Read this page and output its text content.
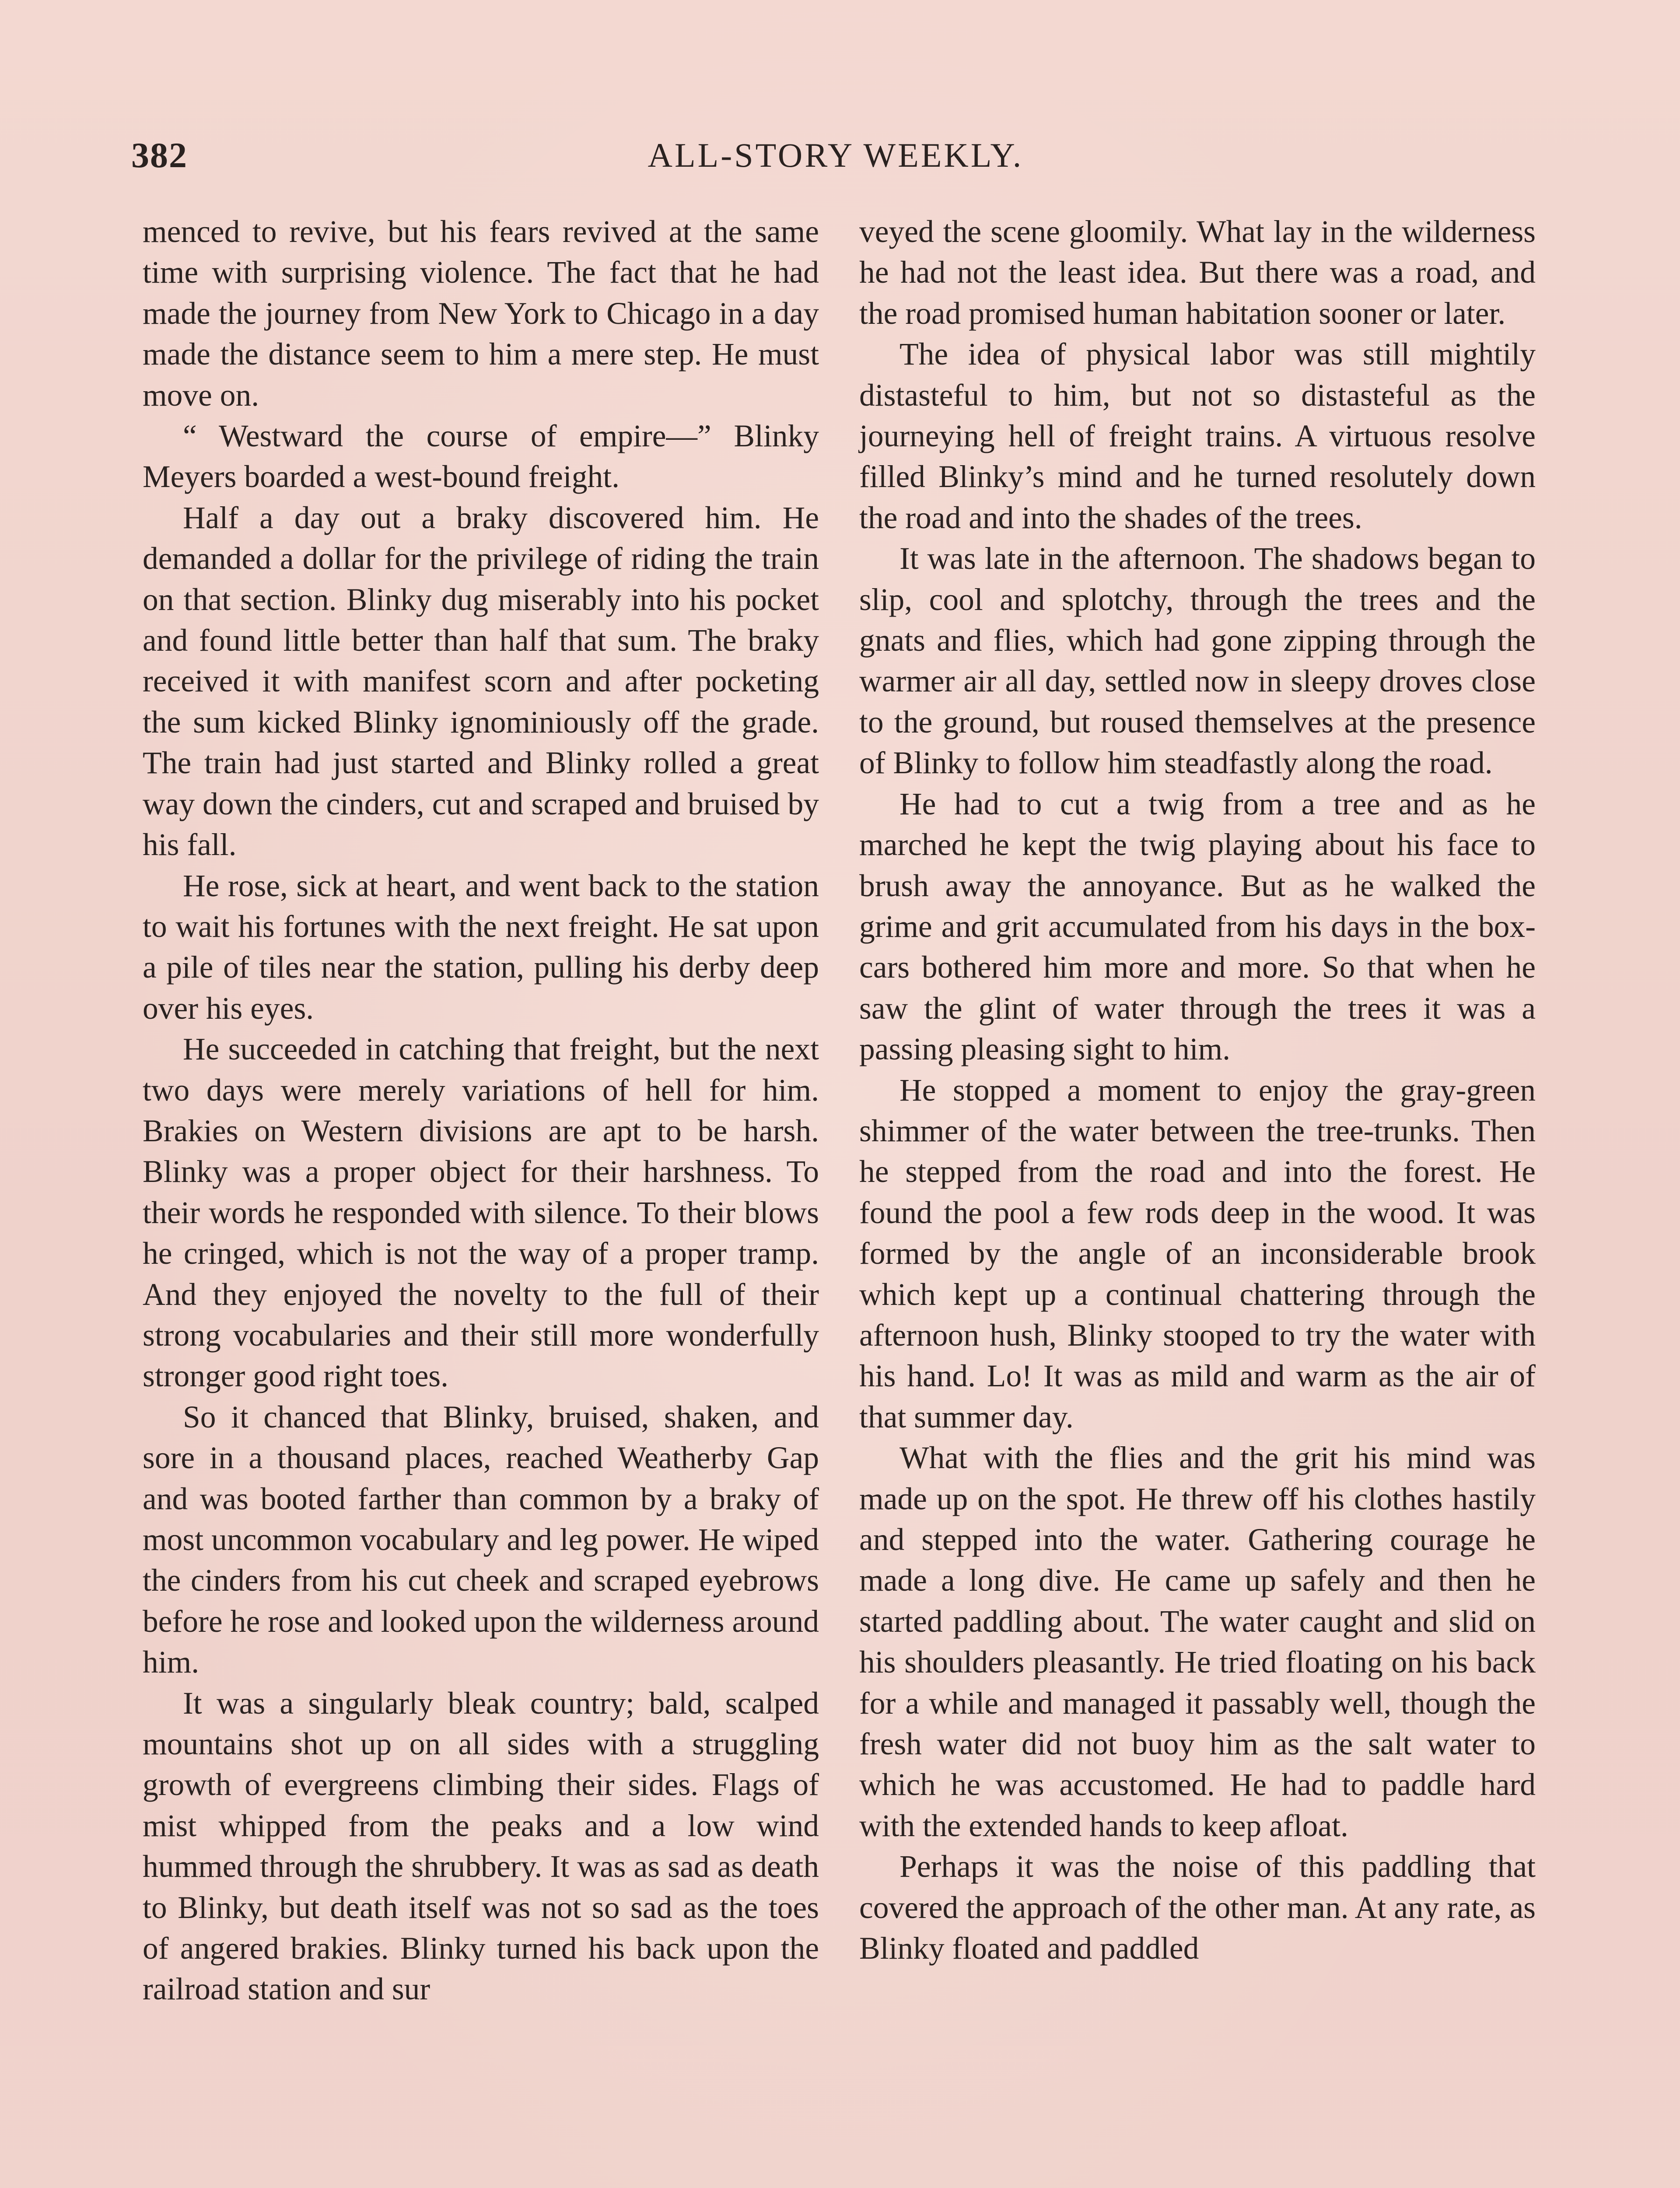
382	ALL-STORY WEEKLY.

menced to revive, but his fears revived at the same time with surprising violence. The fact that he had made the journey from New York to Chicago in a day made the distance seem to him a mere step. He must move on.

“ Westward the course of empire—” Blinky Meyers boarded a west-bound freight.

Half a day out a braky discovered him. He demanded a dollar for the privilege of riding the train on that section. Blinky dug miserably into his pocket and found little better than half that sum. The braky received it with manifest scorn and after pocketing the sum kicked Blinky ignominiously off the grade. The train had just started and Blinky rolled a great way down the cinders, cut and scraped and bruised by his fall.

He rose, sick at heart, and went back to the station to wait his fortunes with the next freight. He sat upon a pile of tiles near the station, pulling his derby deep over his eyes.

He succeeded in catching that freight, but the next two days were merely variations of hell for him. Brakies on Western divisions are apt to be harsh. Blinky was a proper object for their harshness. To their words he responded with silence. To their blows he cringed, which is not the way of a proper tramp. And they enjoyed the novelty to the full of their strong vocabularies and their still more wonderfully stronger good right toes.

So it chanced that Blinky, bruised, shaken, and sore in a thousand places, reached Weatherby Gap and was booted farther than common by a braky of most uncommon vocabulary and leg power. He wiped the cinders from his cut cheek and scraped eyebrows before he rose and looked upon the wilderness around him.

It was a singularly bleak country; bald, scalped mountains shot up on all sides with a struggling growth of evergreens climbing their sides. Flags of mist whipped from the peaks and a low wind hummed through the shrubbery. It was as sad as death to Blinky, but death itself was not so sad as the toes of angered brakies. Blinky turned his back upon the railroad station and sur

veyed the scene gloomily. What lay in the wilderness he had not the least idea. But there was a road, and the road promised human habitation sooner or later.

The idea of physical labor was still mightily distasteful to him, but not so distasteful as the journeying hell of freight trains. A virtuous resolve filled Blinky’s mind and he turned resolutely down the road and into the shades of the trees.

It was late in the afternoon. The shadows began to slip, cool and splotchy, through the trees and the gnats and flies, which had gone zipping through the warmer air all day, settled now in sleepy droves close to the ground, but roused themselves at the presence of Blinky to follow him steadfastly along the road.

He had to cut a twig from a tree and as he marched he kept the twig playing about his face to brush away the annoyance. But as he walked the grime and grit accumulated from his days in the boxcars bothered him more and more. So that when he saw the glint of water through the trees it was a passing pleasing sight to him.

He stopped a moment to enjoy the gray-green shimmer of the water between the tree-trunks. Then he stepped from the road and into the forest. He found the pool a few rods deep in the wood. It was formed by the angle of an inconsiderable brook which kept up a continual chattering through the afternoon hush, Blinky stooped to try the water with his hand. Lo! It was as mild and warm as the air of that summer day.

What with the flies and the grit his mind was made up on the spot. He threw off his clothes hastily and stepped into the water. Gathering courage he made a long dive. He came up safely and then he started paddling about. The water caught and slid on his shoulders pleasantly. He tried floating on his back for a while and managed it passably well, though the fresh water did not buoy him as the salt water to which he was accustomed. He had to paddle hard with the extended hands to keep afloat.

Perhaps it was the noise of this paddling that covered the approach of the other man. At any rate, as Blinky floated and paddled
